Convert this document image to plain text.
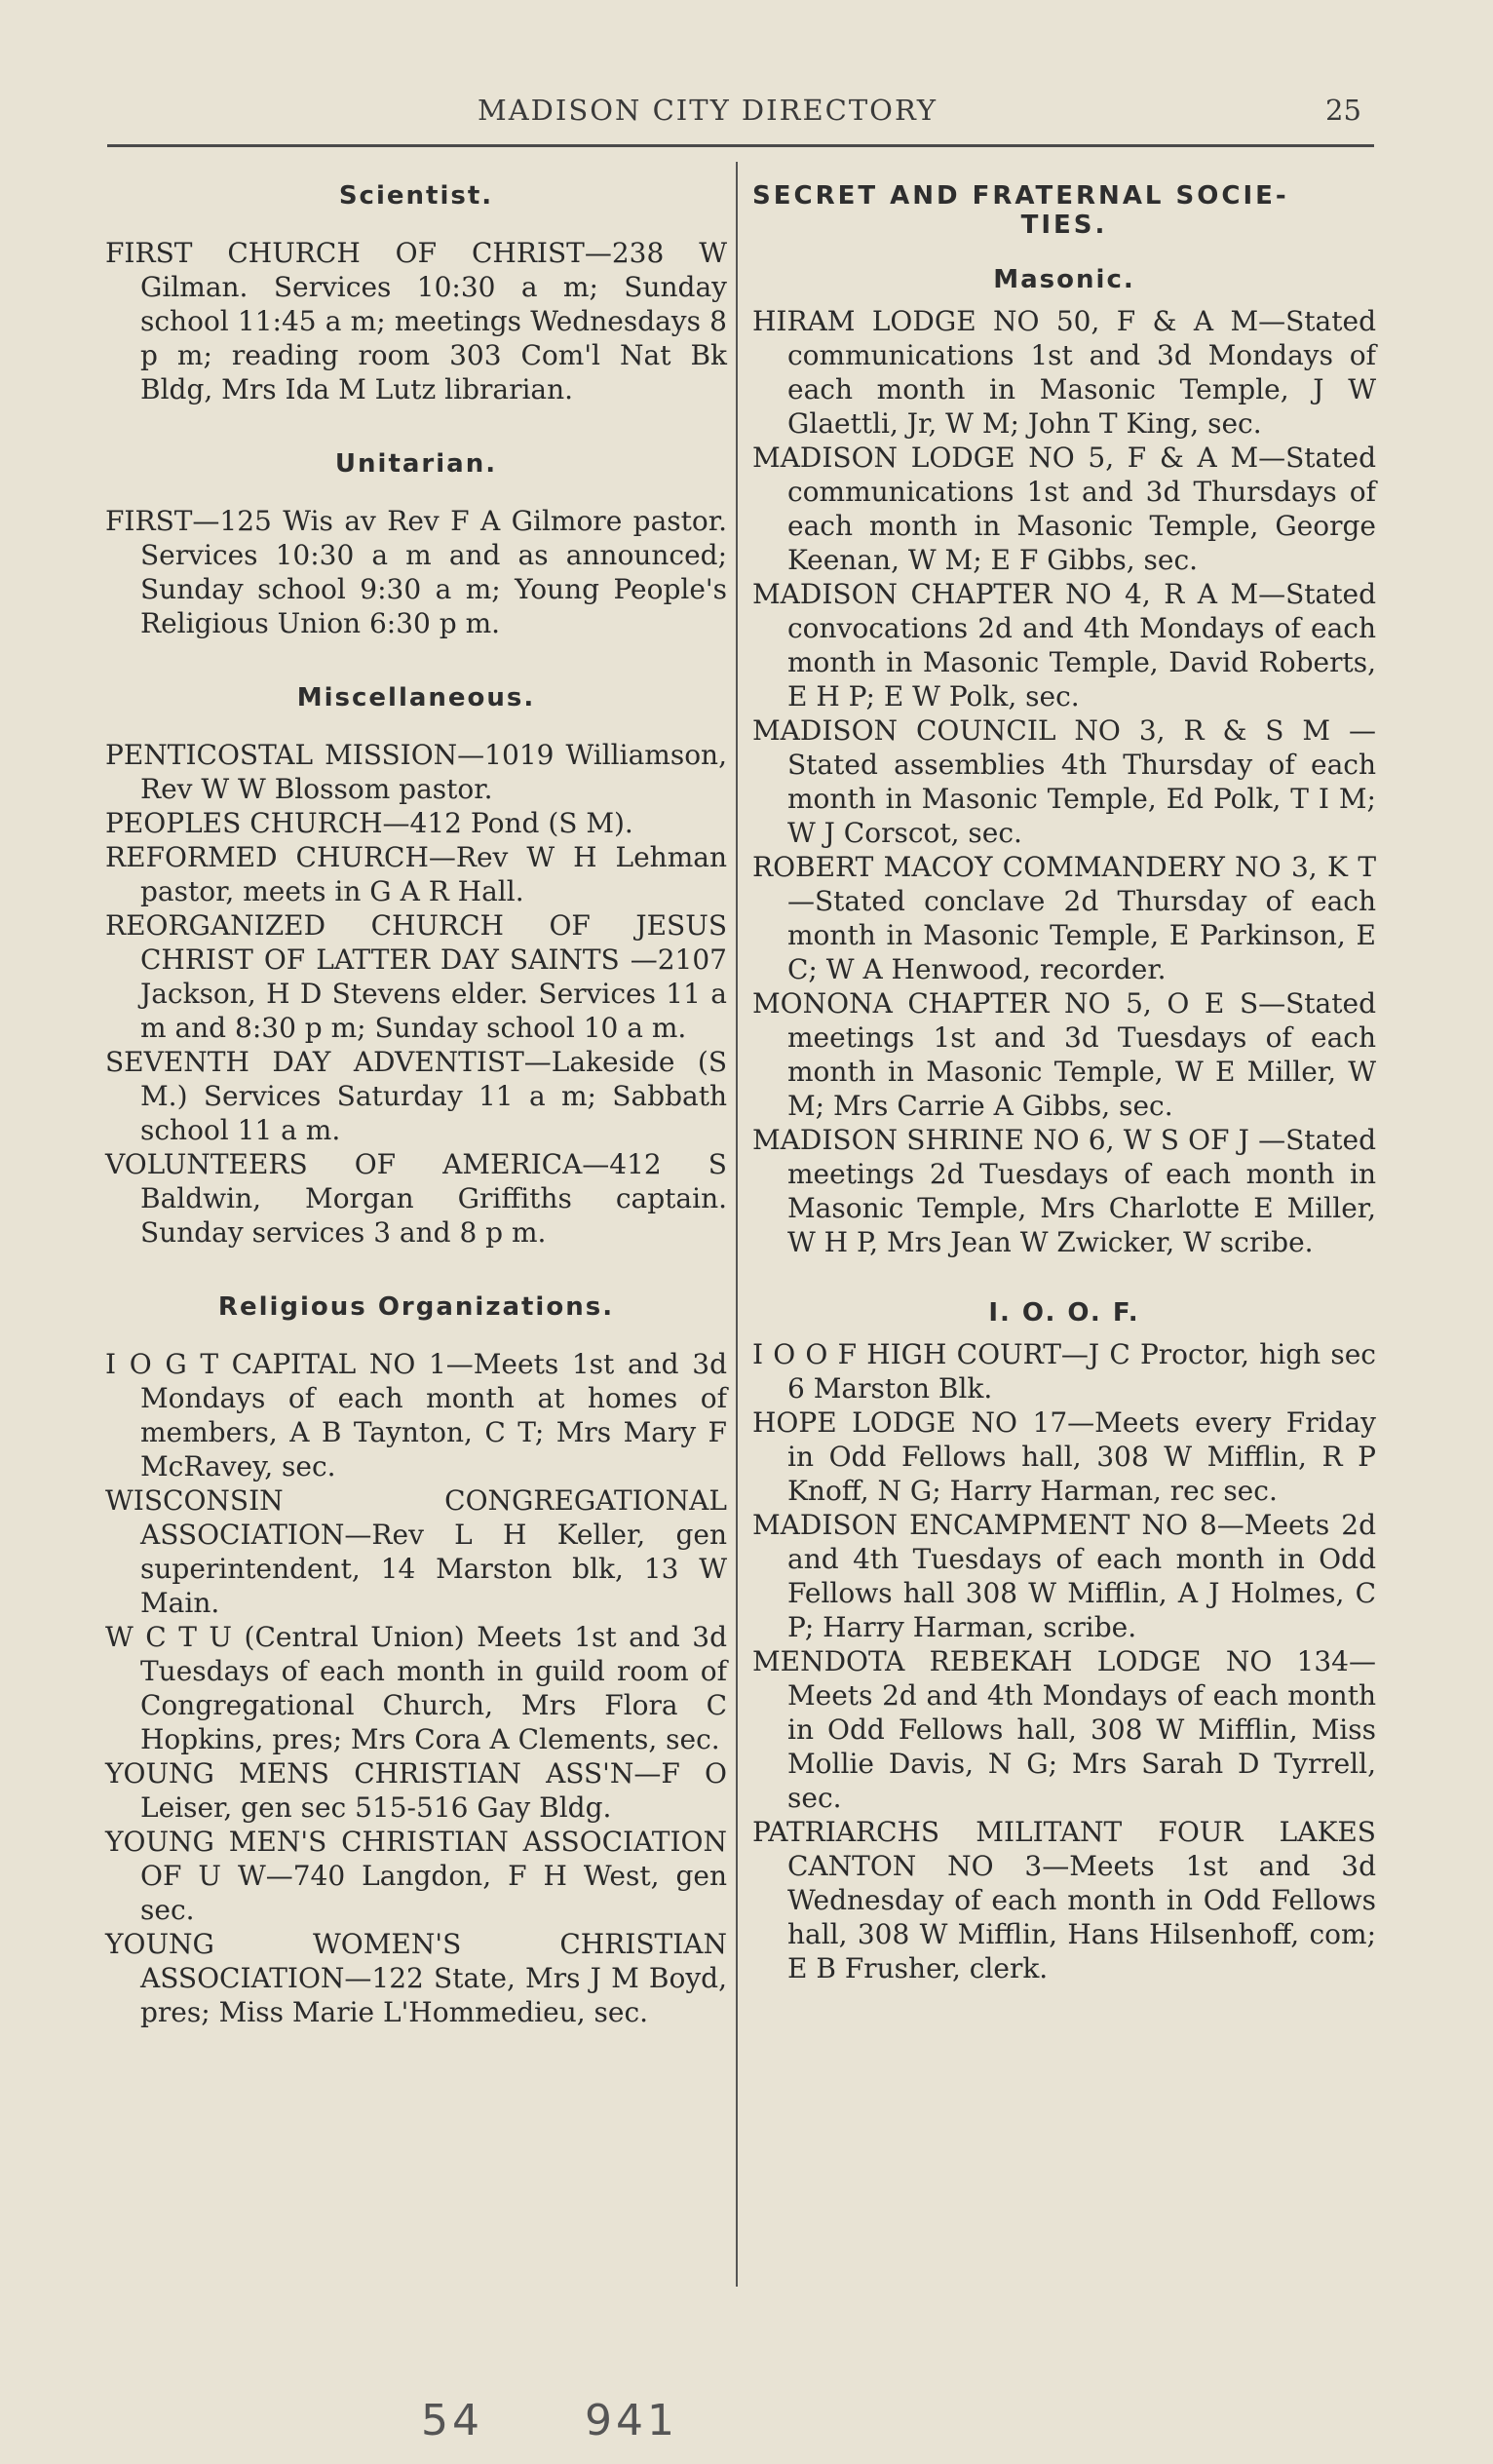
MADISON CITY DIRECTORY	25
Scientist.

FIRST CHURCH OF CHRIST—238 W Gilman. Services 10:30 a m; Sunday school 11:45 a m; meetings Wednesdays 8 p m; reading room 303 Com'l Nat Bk Bldg, Mrs Ida M Lutz librarian.

Unitarian.

FIRST—125 Wis av Rev F A Gilmore pastor. Services 10:30 a m and as announced; Sunday school 9:30 a m; Young People's Religious Union 6:30 p m.

Miscellaneous.

PENTICOSTAL MISSION—1019 Williamson, Rev W W Blossom pastor.

PEOPLES CHURCH—412 Pond (S M).

REFORMED CHURCH—Rev W H Lehman pastor, meets in G A R Hall.

REORGANIZED CHURCH OF JESUS CHRIST OF LATTER DAY SAINTS —2107 Jackson, H D Stevens elder. Services 11 a m and 8:30 p m; Sunday school 10 a m.

SEVENTH DAY ADVENTIST—Lakeside (S M.) Services Saturday 11 a m; Sabbath school 11 a m.

VOLUNTEERS OF AMERICA—412 S Baldwin, Morgan Griffiths captain. Sunday services 3 and 8 p m.

Religious Organizations.

I O G T CAPITAL NO 1—Meets 1st and 3d Mondays of each month at homes of members, A B Taynton, C T; Mrs Mary F McRavey, sec.

WISCONSIN CONGREGATIONAL ASSOCIATION—Rev L H Keller, gen superintendent, 14 Marston blk, 13 W Main.

W C T U (Central Union) Meets 1st and 3d Tuesdays of each month in guild room of Congregational Church, Mrs Flora C Hopkins, pres; Mrs Cora A Clements, sec.

YOUNG MENS CHRISTIAN ASS'N—F O Leiser, gen sec 515-516 Gay Bldg.

YOUNG MEN'S CHRISTIAN ASSOCIATION OF U W—740 Langdon, F H West, gen sec.

YOUNG WOMEN'S CHRISTIAN ASSOCIATION—122 State, Mrs J M Boyd, pres; Miss Marie L'Hommedieu, sec.

SECRET AND FRATERNAL SOCIE-
TIES.
Masonic.

HIRAM LODGE NO 50, F & A M—Stated communications 1st and 3d Mondays of each month in Masonic Temple, J W Glaettli, Jr, W M; John T King, sec.

MADISON LODGE NO 5, F & A M—Stated communications 1st and 3d Thursdays of each month in Masonic Temple, George Keenan, W M; E F Gibbs, sec.

MADISON CHAPTER NO 4, R A M—Stated convocations 2d and 4th Mondays of each month in Masonic Temple, David Roberts, E H P; E W Polk, sec.

MADISON COUNCIL NO 3, R & S M —Stated assemblies 4th Thursday of each month in Masonic Temple, Ed Polk, T I M; W J Corscot, sec.

ROBERT MACOY COMMANDERY NO 3, K T—Stated conclave 2d Thursday of each month in Masonic Temple, E Parkinson, E C; W A Henwood, recorder.

MONONA CHAPTER NO 5, O E S—Stated meetings 1st and 3d Tuesdays of each month in Masonic Temple, W E Miller, W M; Mrs Carrie A Gibbs, sec.

MADISON SHRINE NO 6, W S OF J —Stated meetings 2d Tuesdays of each month in Masonic Temple, Mrs Charlotte E Miller, W H P, Mrs Jean W Zwicker, W scribe.

I. O. O. F.

I O O F HIGH COURT—J C Proctor, high sec 6 Marston Blk.

HOPE LODGE NO 17—Meets every Friday in Odd Fellows hall, 308 W Mifflin, R P Knoff, N G; Harry Harman, rec sec.

MADISON ENCAMPMENT NO 8—Meets 2d and 4th Tuesdays of each month in Odd Fellows hall 308 W Mifflin, A J Holmes, C P; Harry Harman, scribe.

MENDOTA REBEKAH LODGE NO 134—Meets 2d and 4th Mondays of each month in Odd Fellows hall, 308 W Mifflin, Miss Mollie Davis, N G; Mrs Sarah D Tyrrell, sec.

PATRIARCHS MILITANT FOUR LAKES CANTON NO 3—Meets 1st and 3d Wednesday of each month in Odd Fellows hall, 308 W Mifflin, Hans Hilsenhoff, com; E B Frusher, clerk.

54 941
